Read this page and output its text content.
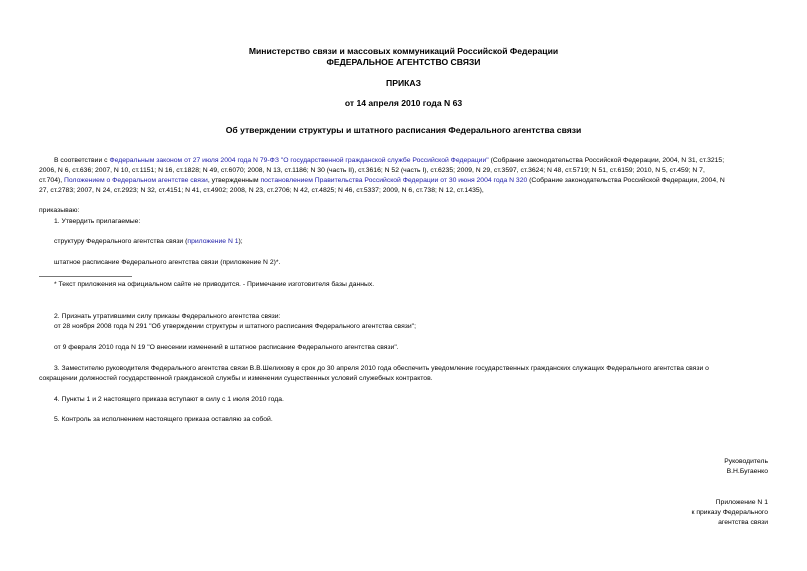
Министерство связи и массовых коммуникаций Российской Федерации
ФЕДЕРАЛЬНОЕ АГЕНТСТВО СВЯЗИ
ПРИКАЗ
от 14 апреля 2010 года N 63
Об утверждении структуры и штатного расписания Федерального агентства связи
В соответствии с Федеральным законом от 27 июля 2004 года N 79-ФЗ "О государственной гражданской службе Российской Федерации" (Собрание законодательства Российской Федерации, 2004, N 31, ст.3215;
2006, N 6, ст.636; 2007, N 10, ст.1151; N 16, ст.1828; N 49, ст.6070; 2008, N 13, ст.1186; N 30 (часть II), ст.3616; N 52 (часть I), ст.6235; 2009, N 29, ст.3597, ст.3624; N 48, ст.5719; N 51, ст.6159; 2010, N 5, ст.459; N 7,
ст.704), Положением о Федеральном агентстве связи, утвержденным постановлением Правительства Российской Федерации от 30 июня 2004 года N 320 (Собрание законодательства Российской Федерации, 2004, N
27, ст.2783; 2007, N 24, ст.2923; N 32, ст.4151; N 41, ст.4902; 2008, N 23, ст.2706; N 42, ст.4825; N 46, ст.5337; 2009, N 6, ст.738; N 12, ст.1435),
приказываю:
1. Утвердить прилагаемые:
структуру Федерального агентства связи (приложение N 1);
штатное расписание Федерального агентства связи (приложение N 2)*.
* Текст приложения на официальном сайте не приводится. - Примечание изготовителя базы данных.
2. Признать утратившими силу приказы Федерального агентства связи:
от 28 ноября 2008 года N 291 "Об утверждении структуры и штатного расписания Федерального агентства связи";
от 9 февраля 2010 года N 19 "О внесении изменений в штатное расписание Федерального агентства связи".
3. Заместителю руководителя Федерального агентства связи В.В.Шелихову в срок до 30 апреля 2010 года обеспечить уведомление государственных гражданских служащих Федерального агентства связи о
сокращении должностей государственной гражданской службы и изменении существенных условий служебных контрактов.
4. Пункты 1 и 2 настоящего приказа вступают в силу с 1 июля 2010 года.
5. Контроль за исполнением настоящего приказа оставляю за собой.
Руководитель
В.Н.Бугаенко
Приложение N 1
к приказу Федерального
агентства связи
